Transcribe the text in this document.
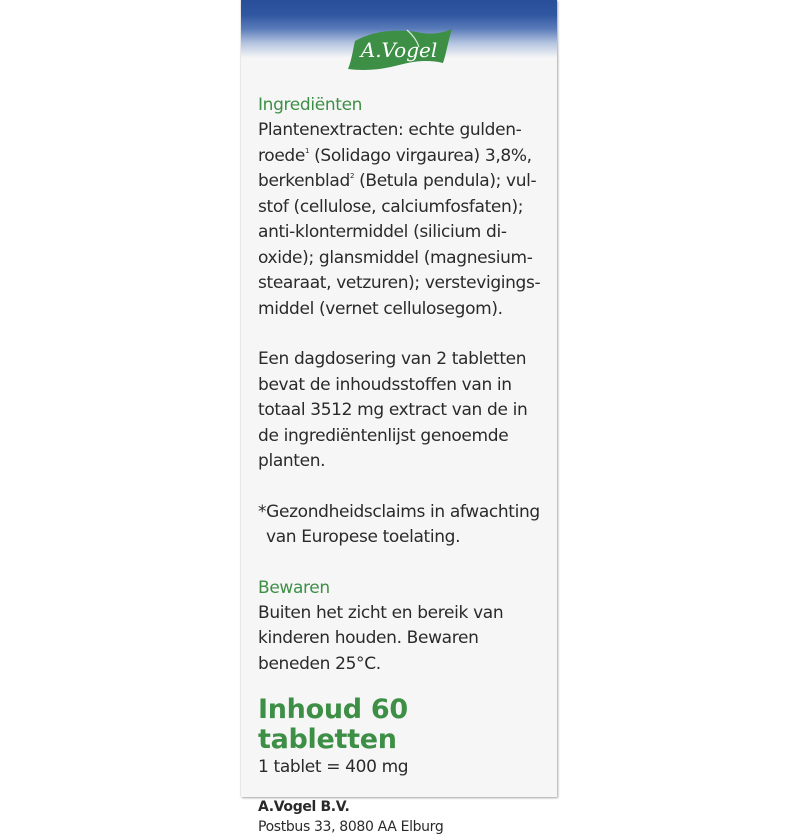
A.Vogel
Ingrediënten

Plantenextracten: echte gulden-
roede$^1$ (Solidago virgaurea) 3,8%,
berkenblad$^2$ (Betula pendula); vul-
stof (cellulose, calciumfosfaten);
anti-klontermiddel (silicium di-
oxide); glansmiddel (magnesium-
stearaat, vetzuren); verstevigings-
middel (vernet cellulosegom).

Een dagdosering van 2 tabletten
bevat de inhoudsstoffen van in
totaal 3512 mg extract van de in
de ingrediëntenlijst genoemde
planten.

*Gezondheidsclaims in afwachting
van Europese toelating.

Bewaren

Buiten het zicht en bereik van
kinderen houden. Bewaren
beneden 25°C.

Inhoud 60 tabletten
1 tablet = 400 mg
A.Vogel B.V.
Postbus 33, 8080 AA Elburg
